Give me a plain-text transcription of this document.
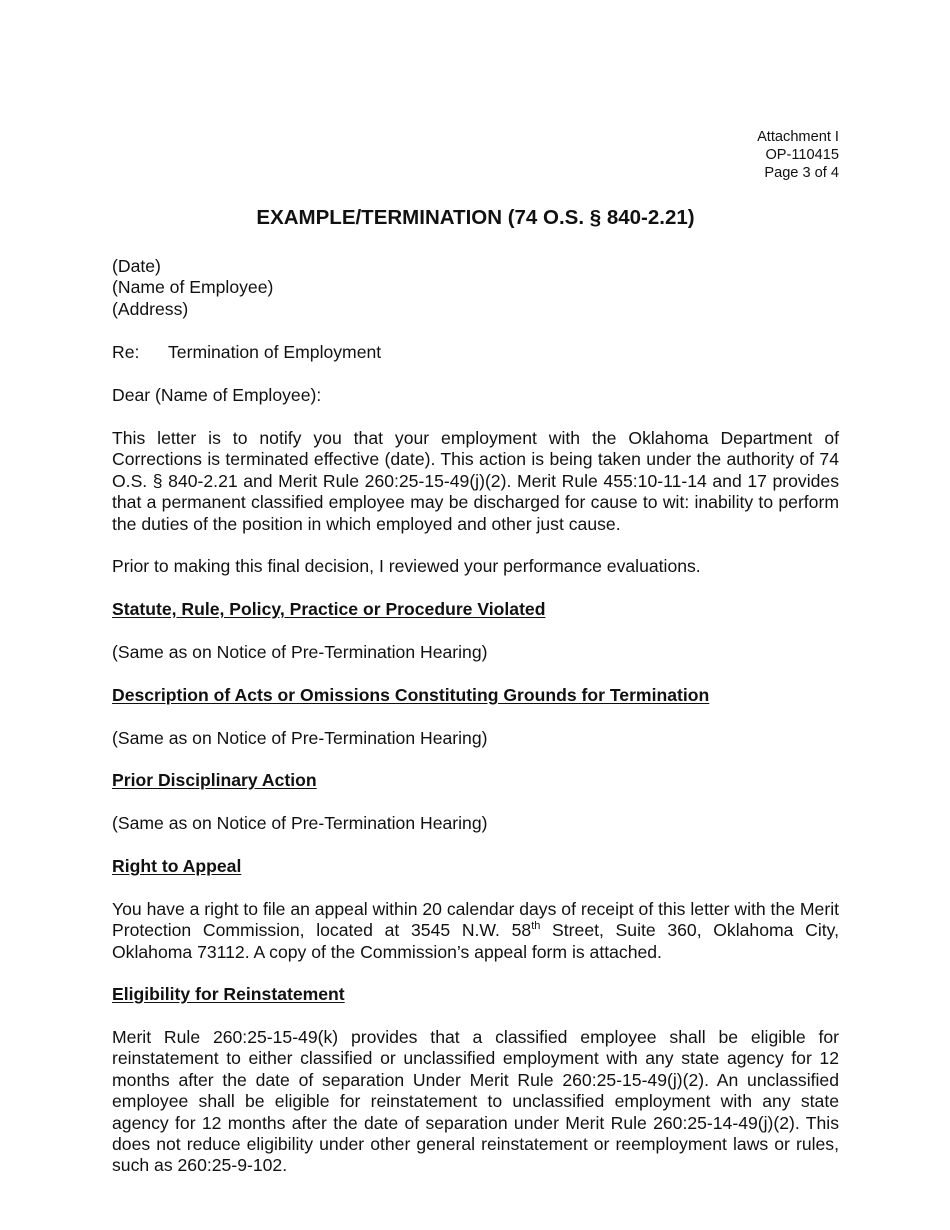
Attachment I
OP-110415
Page 3 of 4
EXAMPLE/TERMINATION (74 O.S. § 840-2.21)
(Date)
(Name of Employee)
(Address)
Re: Termination of Employment
Dear (Name of Employee):
This letter is to notify you that your employment with the Oklahoma Department of Corrections is terminated effective (date). This action is being taken under the authority of 74 O.S. § 840-2.21 and Merit Rule 260:25-15-49(j)(2). Merit Rule 455:10-11-14 and 17 provides that a permanent classified employee may be discharged for cause to wit: inability to perform the duties of the position in which employed and other just cause.
Prior to making this final decision, I reviewed your performance evaluations.
Statute, Rule, Policy, Practice or Procedure Violated
(Same as on Notice of Pre-Termination Hearing)
Description of Acts or Omissions Constituting Grounds for Termination
(Same as on Notice of Pre-Termination Hearing)
Prior Disciplinary Action
(Same as on Notice of Pre-Termination Hearing)
Right to Appeal
You have a right to file an appeal within 20 calendar days of receipt of this letter with the Merit Protection Commission, located at 3545 N.W. 58th Street, Suite 360, Oklahoma City, Oklahoma 73112. A copy of the Commission’s appeal form is attached.
Eligibility for Reinstatement
Merit Rule 260:25-15-49(k) provides that a classified employee shall be eligible for reinstatement to either classified or unclassified employment with any state agency for 12 months after the date of separation Under Merit Rule 260:25-15-49(j)(2). An unclassified employee shall be eligible for reinstatement to unclassified employment with any state agency for 12 months after the date of separation under Merit Rule 260:25-14-49(j)(2). This does not reduce eligibility under other general reinstatement or reemployment laws or rules, such as 260:25-9-102.
